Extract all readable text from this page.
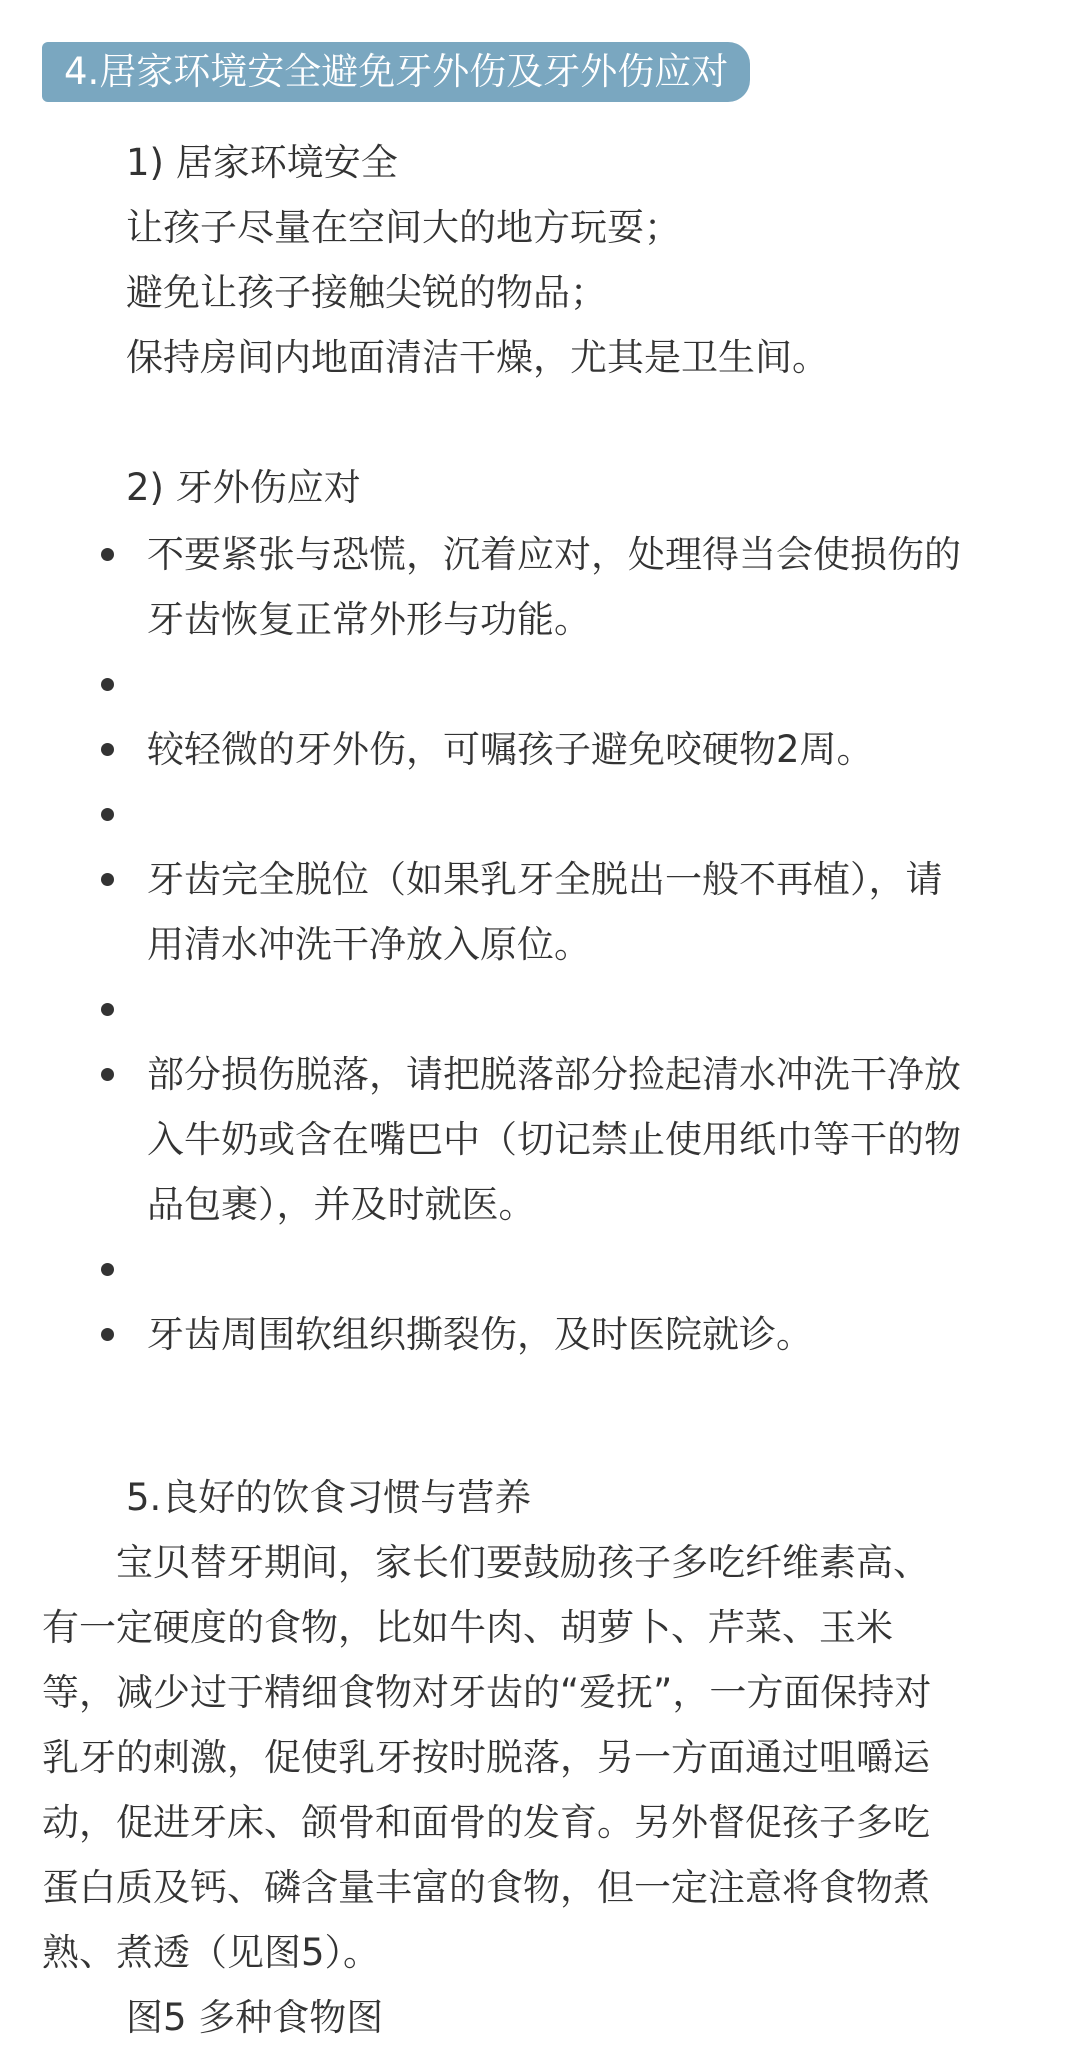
4.居家环境安全避免牙外伤及牙外伤应对
1) 居家环境安全
让孩子尽量在空间大的地方玩耍；
避免让孩子接触尖锐的物品；
保持房间内地面清洁干燥，尤其是卫生间。
2) 牙外伤应对
不要紧张与恐慌，沉着应对，处理得当会使损伤的
牙齿恢复正常外形与功能。
较轻微的牙外伤，可嘱孩子避免咬硬物2周。
牙齿完全脱位（如果乳牙全脱出一般不再植），请
用清水冲洗干净放入原位。
部分损伤脱落，请把脱落部分捡起清水冲洗干净放
入牛奶或含在嘴巴中（切记禁止使用纸巾等干的物
品包裹），并及时就医。
牙齿周围软组织撕裂伤，及时医院就诊。
5.良好的饮食习惯与营养
　　宝贝替牙期间，家长们要鼓励孩子多吃纤维素高、
有一定硬度的食物，比如牛肉、胡萝卜、芹菜、玉米
等，减少过于精细食物对牙齿的“爱抚”，一方面保持对
乳牙的刺激，促使乳牙按时脱落，另一方面通过咀嚼运
动，促进牙床、颌骨和面骨的发育。另外督促孩子多吃
蛋白质及钙、磷含量丰富的食物，但一定注意将食物煮
熟、煮透（见图5）。
图5 多种食物图
